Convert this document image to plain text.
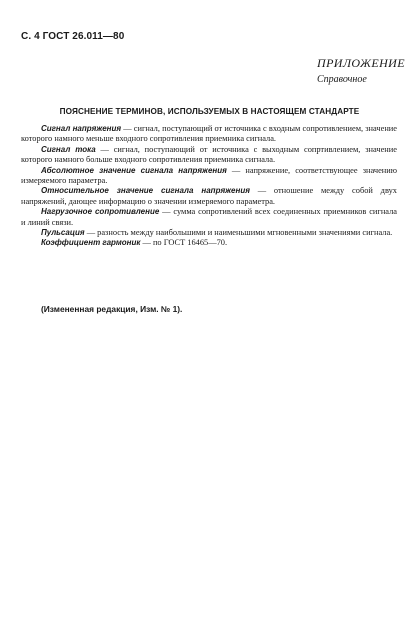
С. 4 ГОСТ 26.011—80
ПРИЛОЖЕНИЕ
Справочное
ПОЯСНЕНИЕ ТЕРМИНОВ, ИСПОЛЬЗУЕМЫХ В НАСТОЯЩЕМ СТАНДАРТЕ

Сигнал напряжения — сигнал, поступающий от источника с входным сопротивлением, значение которого намного меньше входного сопротивления приемника сигнала.

Сигнал тока — сигнал, поступающий от источника с выходным сопртивлением, значение которого намного больше входного сопротивления приемника сигнала.

Абсолютное значение сигнала напряжения — напряжение, соответствующее значению измеряемого параметра.

Относительное значение сигнала напряжения — отношение между собой двух напряжений, дающее информацию о значении измеряемого параметра.

Нагрузочное сопротивление — сумма сопротивлений всех соединенных приемников сигнала и линий связи.

Пульсация — разность между наибольшими и наименьшими мгновенными значениями сигнала.

Коэффициент гармоник — по ГОСТ 16465—70.

(Измененная редакция, Изм. № 1).
